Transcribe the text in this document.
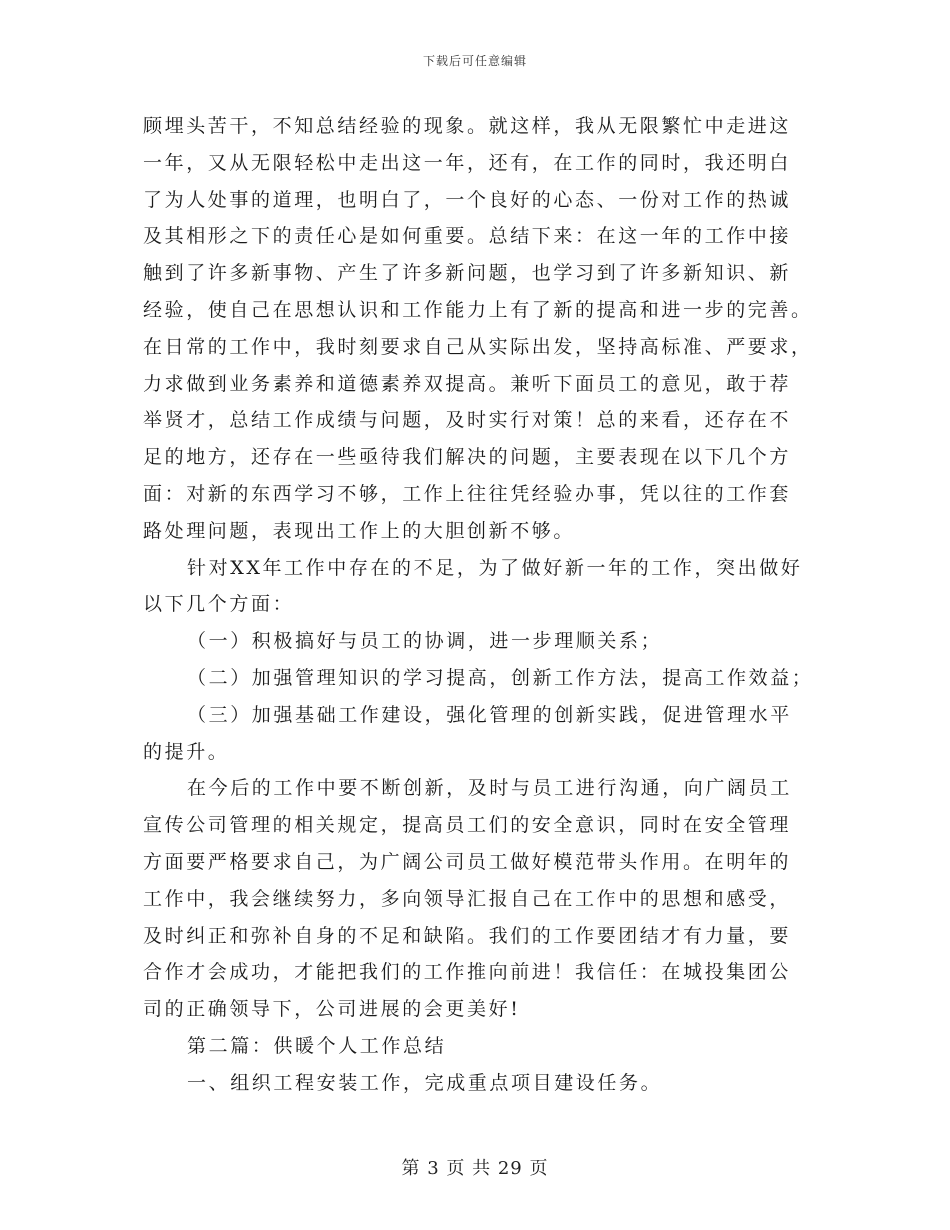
下载后可任意编辑
顾埋头苦干，不知总结经验的现象。就这样，我从无限繁忙中走进这
一年，又从无限轻松中走出这一年，还有，在工作的同时，我还明白
了为人处事的道理，也明白了，一个良好的心态、一份对工作的热诚
及其相形之下的责任心是如何重要。总结下来：在这一年的工作中接
触到了许多新事物、产生了许多新问题，也学习到了许多新知识、新
经验，使自己在思想认识和工作能力上有了新的提高和进一步的完善。
在日常的工作中，我时刻要求自己从实际出发，坚持高标准、严要求，
力求做到业务素养和道德素养双提高。兼听下面员工的意见，敢于荐
举贤才，总结工作成绩与问题，及时实行对策！总的来看，还存在不
足的地方，还存在一些亟待我们解决的问题，主要表现在以下几个方
面：对新的东西学习不够，工作上往往凭经验办事，凭以往的工作套
路处理问题，表现出工作上的大胆创新不够。
针对XX年工作中存在的不足，为了做好新一年的工作，突出做好
以下几个方面：
（一）积极搞好与员工的协调，进一步理顺关系；
（二）加强管理知识的学习提高，创新工作方法，提高工作效益；
（三）加强基础工作建设，强化管理的创新实践，促进管理水平
的提升。
在今后的工作中要不断创新，及时与员工进行沟通，向广阔员工
宣传公司管理的相关规定，提高员工们的安全意识，同时在安全管理
方面要严格要求自己，为广阔公司员工做好模范带头作用。在明年的
工作中，我会继续努力，多向领导汇报自己在工作中的思想和感受，
及时纠正和弥补自身的不足和缺陷。我们的工作要团结才有力量，要
合作才会成功，才能把我们的工作推向前进！我信任：在城投集团公
司的正确领导下，公司进展的会更美好!
第二篇：供暖个人工作总结
一、组织工程安装工作，完成重点项目建设任务。
第 3 页 共 29 页
